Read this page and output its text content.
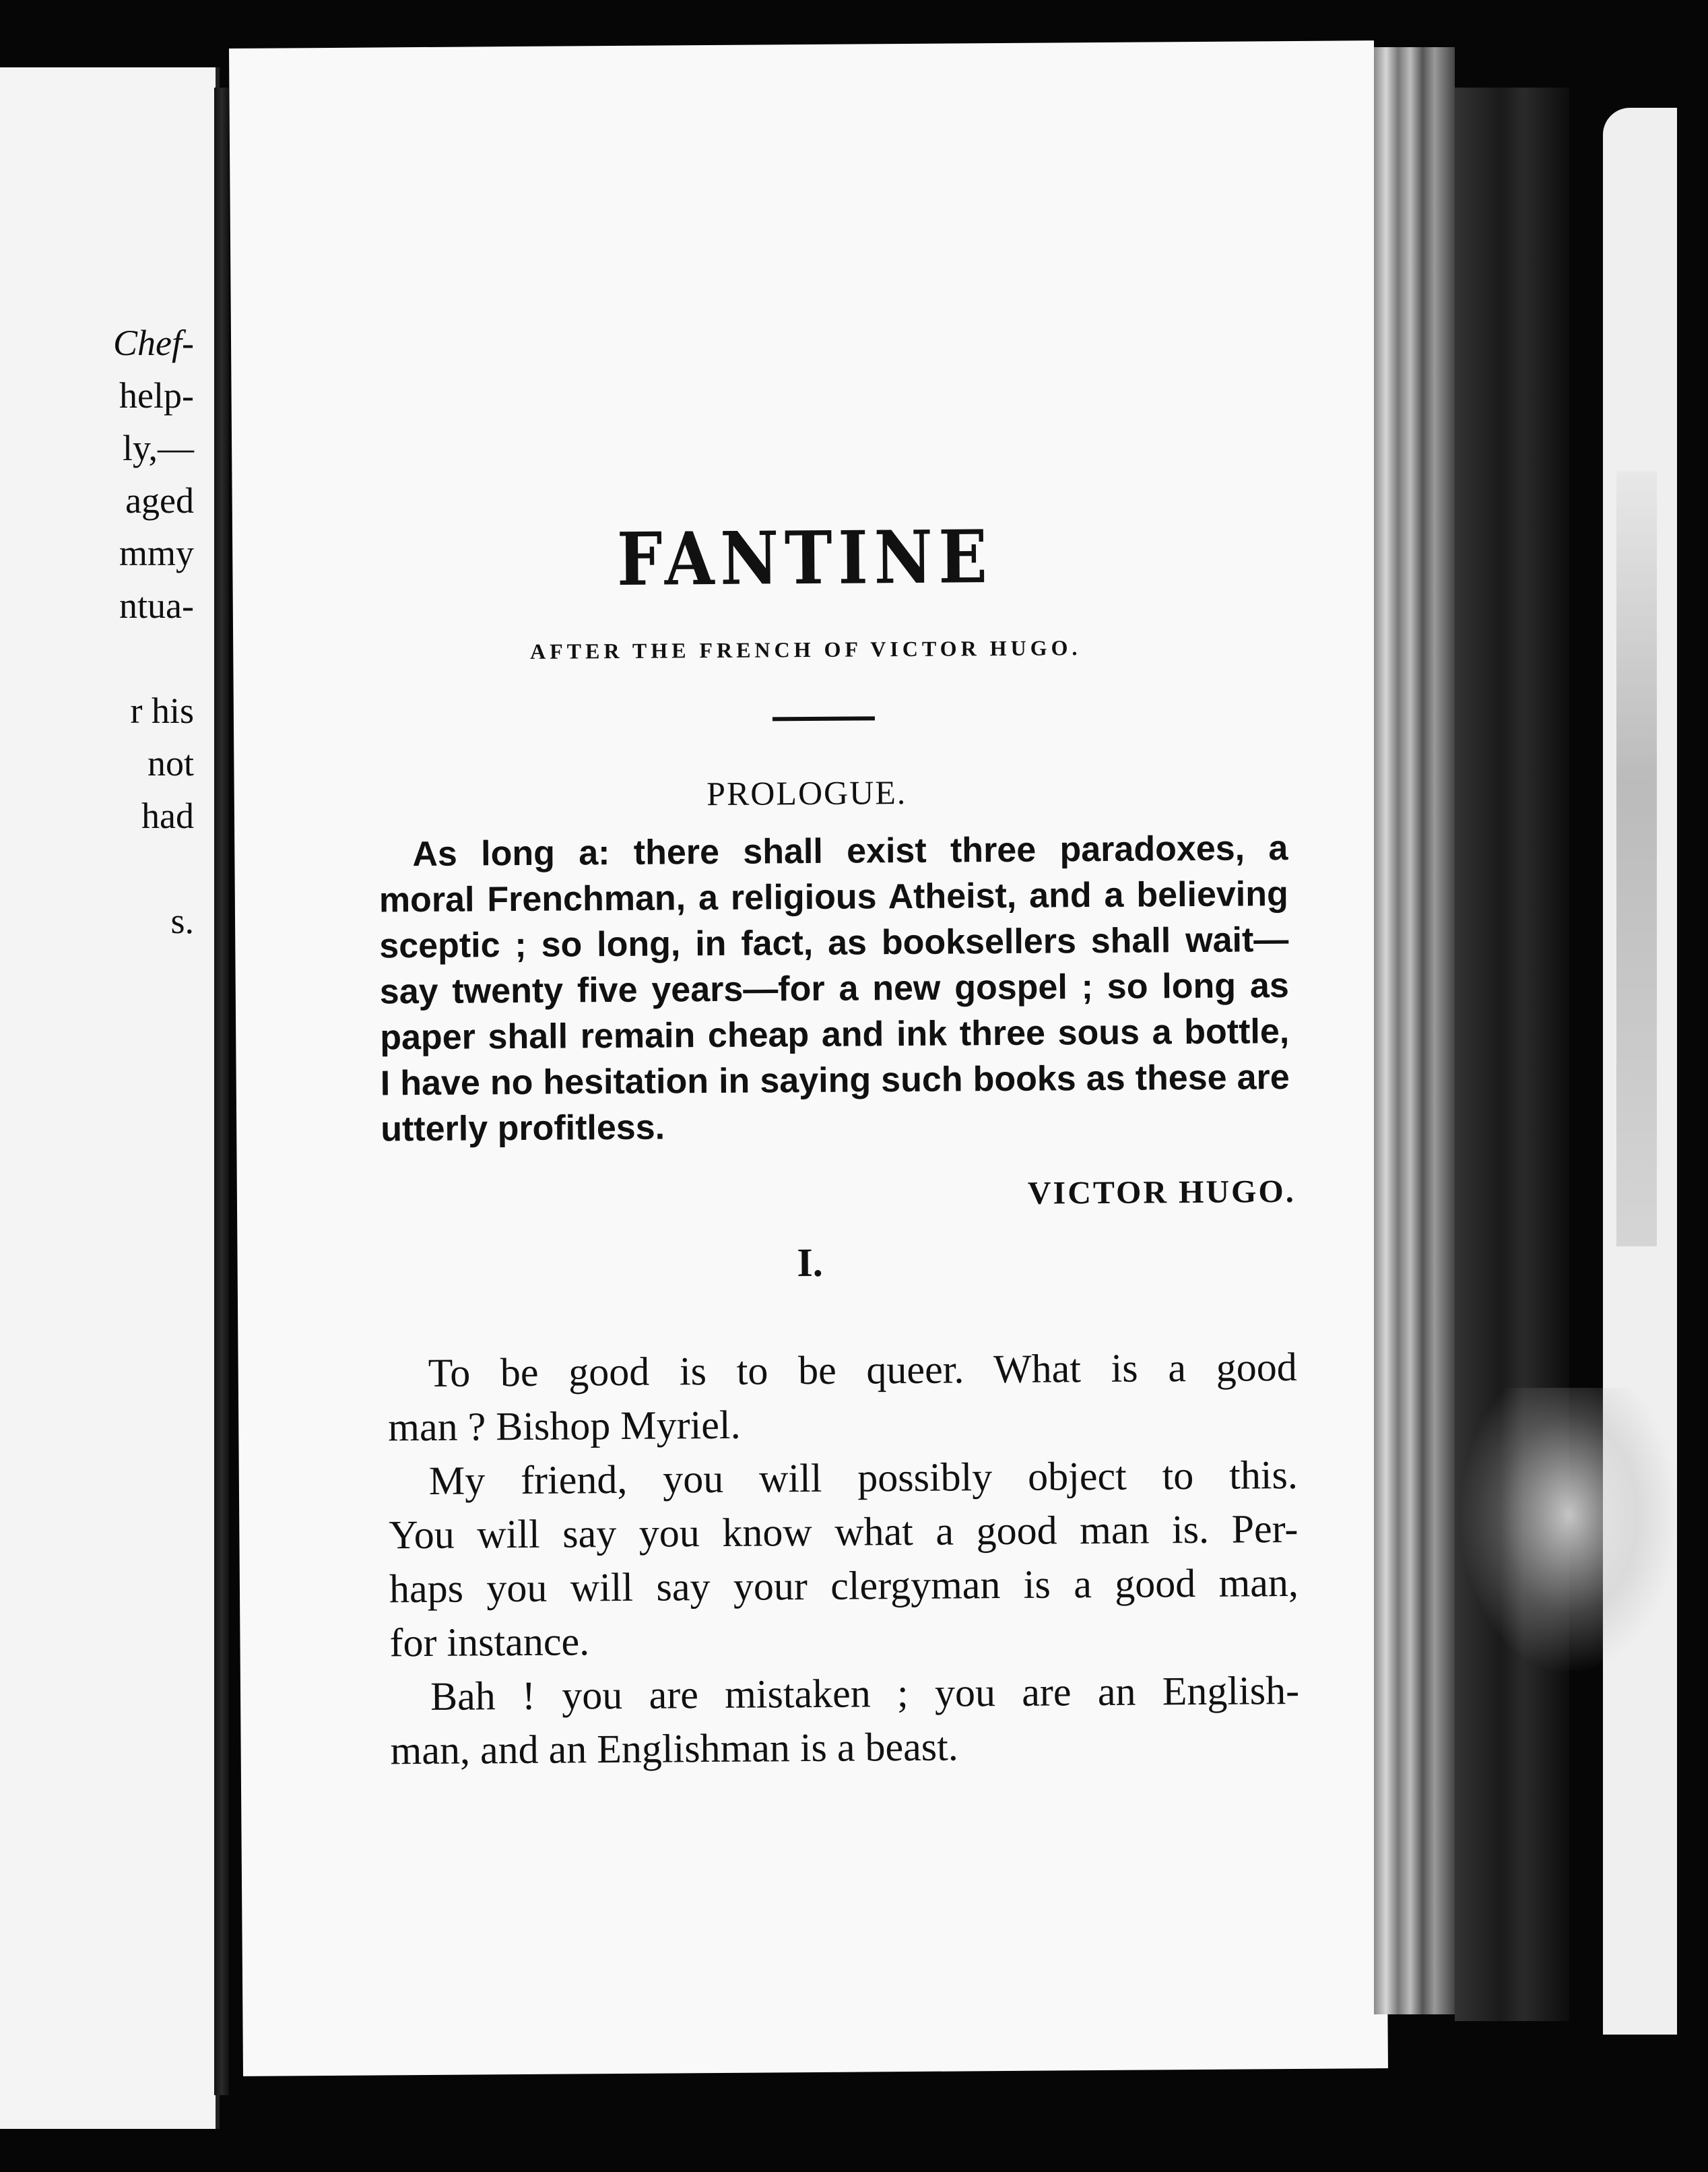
Chef-
help-
ly,—
aged
mmy
ntua-
r his
not
had
s.
FANTINE
AFTER THE FRENCH OF VICTOR HUGO.
PROLOGUE.
As long a: there shall exist three paradoxes, a
moral Frenchman, a religious Atheist, and a believing
sceptic ; so long, in fact, as booksellers shall wait—
say twenty five years—for a new gospel ; so long as
paper shall remain cheap and ink three sous a bottle,
I have no hesitation in saying such books as these are
utterly profitless.
VICTOR HUGO.
I.
To be good is to be queer. What is a good
man ? Bishop Myriel.
My friend, you will possibly object to this.
You will say you know what a good man is. Per-
haps you will say your clergyman is a good man,
for instance.
Bah ! you are mistaken ; you are an English-
man, and an Englishman is a beast.
